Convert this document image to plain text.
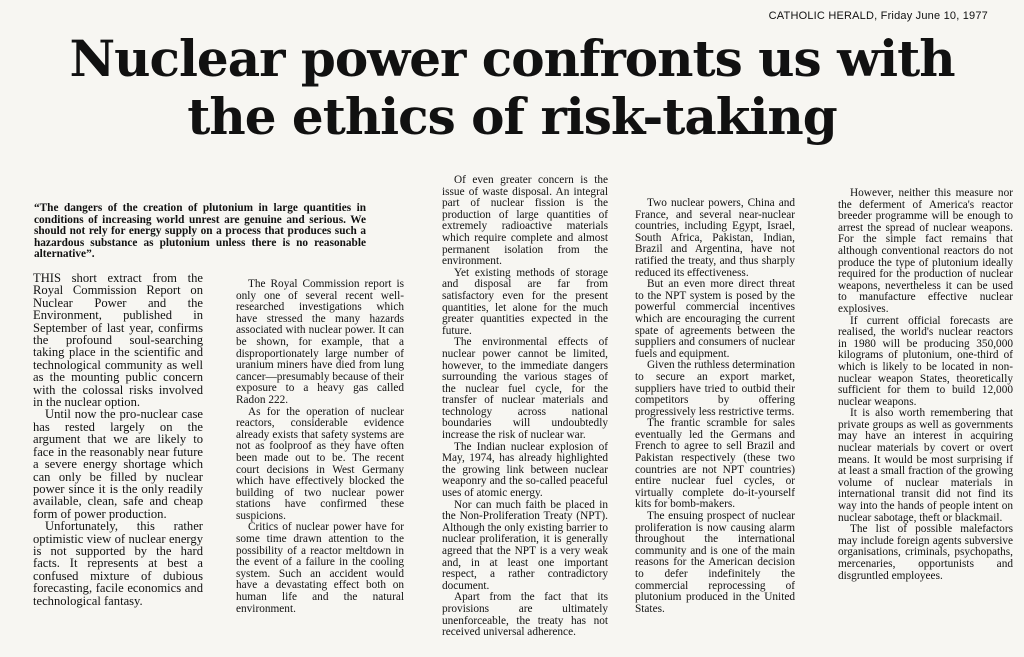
CATHOLIC HERALD, Friday June 10, 1977
Nuclear power confronts us with
the ethics of risk-taking

“The dangers of the creation of plutonium in large quantities in conditions of increasing world unrest are genuine and serious. We should not rely for energy supply on a process that produces such a hazardous substance as plutonium unless there is no reasonable alternative”.

THIS short extract from the Royal Commission Report on Nuclear Power and the Environment, published in September of last year, confirms the profound soul-searching taking place in the scientific and technological community as well as the mounting public concern with the colossal risks involved in the nuclear option.

Until now the pro-nuclear case has rested largely on the argument that we are likely to face in the reasonably near future a severe energy shortage which can only be filled by nuclear power since it is the only readily available, clean, safe and cheap form of power production.

Unfortunately, this rather optimistic view of nuclear energy is not supported by the hard facts. It represents at best a confused mixture of dubious forecasting, facile economics and technological fantasy.

The Royal Commission report is only one of several recent well-researched investigations which have stressed the many hazards associated with nuclear power. It can be shown, for example, that a disproportionately large number of uranium miners have died from lung cancer—presumably because of their exposure to a heavy gas called Radon 222.

As for the operation of nuclear reactors, considerable evidence already exists that safety systems are not as foolproof as they have often been made out to be. The recent court decisions in West Germany which have effectively blocked the building of two nuclear power stations have confirmed these suspicions.

Critics of nuclear power have for some time drawn attention to the possibility of a reactor meltdown in the event of a failure in the cooling system. Such an accident would have a devastating effect both on human life and the natural environment.

Of even greater concern is the issue of waste disposal. An integral part of nuclear fission is the production of large quantities of extremely radioactive materials which require complete and almost permanent isolation from the environment.

Yet existing methods of storage and disposal are far from satisfactory even for the present quantities, let alone for the much greater quantities expected in the future.

The environmental effects of nuclear power cannot be limited, however, to the immediate dangers surrounding the various stages of the nuclear fuel cycle, for the transfer of nuclear materials and technology across national boundaries will undoubtedly increase the risk of nuclear war.

The Indian nuclear explosion of May, 1974, has already highlighted the growing link between nuclear weaponry and the so-called peaceful uses of atomic energy.

Nor can much faith be placed in the Non-Proliferation Treaty (NPT). Although the only existing barrier to nuclear proliferation, it is generally agreed that the NPT is a very weak and, in at least one important respect, a rather contradictory document.

Apart from the fact that its provisions are ultimately unenforceable, the treaty has not received universal adherence.

Two nuclear powers, China and France, and several near-nuclear countries, including Egypt, Israel, South Africa, Pakistan, Indian, Brazil and Argentina, have not ratified the treaty, and thus sharply reduced its effectiveness.

But an even more direct threat to the NPT system is posed by the powerful commercial incentives which are encouraging the current spate of agreements between the suppliers and consumers of nuclear fuels and equipment.

Given the ruthless determination to secure an export market, suppliers have tried to outbid their competitors by offering progressively less restrictive terms.

The frantic scramble for sales eventually led the Germans and French to agree to sell Brazil and Pakistan respectively (these two countries are not NPT countries) entire nuclear fuel cycles, or virtually complete do-it-yourself kits for bomb-makers.

The ensuing prospect of nuclear proliferation is now causing alarm throughout the international community and is one of the main reasons for the American decision to defer indefinitely the commercial reprocessing of plutonium produced in the United States.

However, neither this measure nor the deferment of America's reactor breeder programme will be enough to arrest the spread of nuclear weapons. For the simple fact remains that although conventional reactors do not produce the type of plutonium ideally required for the production of nuclear weapons, nevertheless it can be used to manufacture effective nuclear explosives.

If current official forecasts are realised, the world's nuclear reactors in 1980 will be producing 350,000 kilograms of plutonium, one-third of which is likely to be located in non-nuclear weapon States, theoretically sufficient for them to build 12,000 nuclear weapons.

It is also worth remembering that private groups as well as governments may have an interest in acquiring nuclear materials by covert or overt means. It would be most surprising if at least a small fraction of the growing volume of nuclear materials in international transit did not find its way into the hands of people intent on nuclear sabotage, theft or blackmail.

The list of possible malefactors may include foreign agents subversive organisations, criminals, psychopaths, mercenaries, opportunists and disgruntled employees.
